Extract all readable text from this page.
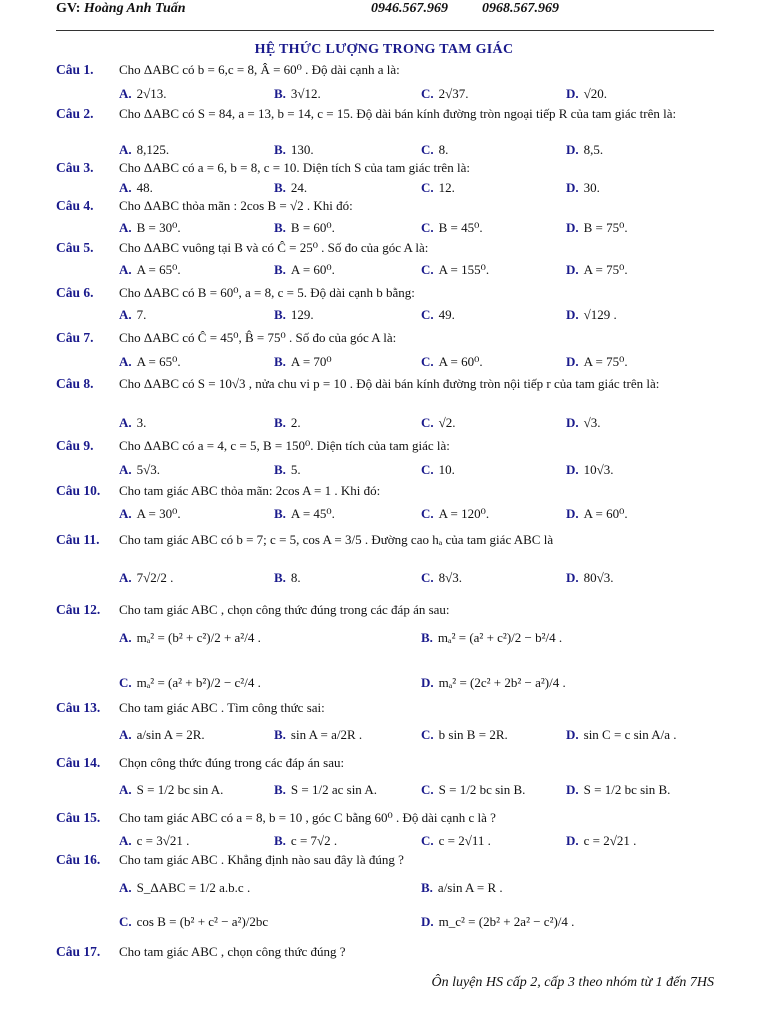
GV: Hoàng Anh Tuấn	0946.567.969 0968.567.969
HỆ THỨC LƯỢNG TRONG TAM GIÁC
Câu 1. Cho ΔABC có b = 6,c = 8, Â = 60⁰ . Độ dài cạnh a là:
A. 2√13.	B. 3√12.	C. 2√37.	D. √20.
Câu 2. Cho ΔABC có S = 84, a = 13, b = 14, c = 15. Độ dài bán kính đường tròn ngoại tiếp R của tam giác trên là:
A. 8,125.	B. 130.	C. 8.	D. 8,5.
Câu 3. Cho ΔABC có a = 6, b = 8, c = 10. Diện tích S của tam giác trên là:
A. 48.	B. 24.	C. 12.	D. 30.
Câu 4. Cho ΔABC thỏa mãn : 2cos B = √2 . Khi đó:
A. B = 30⁰.	B. B = 60⁰.	C. B = 45⁰.	D. B = 75⁰.
Câu 5. Cho ΔABC vuông tại B và có Ĉ = 25⁰ . Số đo của góc A là:
A. A = 65⁰.	B. A = 60⁰.	C. A = 155⁰.	D. A = 75⁰.
Câu 6. Cho ΔABC có B = 60⁰, a = 8, c = 5. Độ dài cạnh b bằng:
A. 7.	B. 129.	C. 49.	D. √129 .
Câu 7. Cho ΔABC có Ĉ = 45⁰, B̂ = 75⁰ . Số đo của góc A là:
A. A = 65⁰.	B. A = 70⁰	C. A = 60⁰.	D. A = 75⁰.
Câu 8. Cho ΔABC có S = 10√3 , nửa chu vi p = 10 . Độ dài bán kính đường tròn nội tiếp r của tam giác trên là:
A. 3.	B. 2.	C. √2.	D. √3.
Câu 9. Cho ΔABC có a = 4, c = 5, B = 150⁰. Diện tích của tam giác là:
A. 5√3.	B. 5.	C. 10.	D. 10√3.
Câu 10. Cho tam giác ABC thỏa mãn: 2cos A = 1 . Khi đó:
A. A = 30⁰.	B. A = 45⁰.	C. A = 120⁰.	D. A = 60⁰.
Câu 11. Cho tam giác ABC có b = 7; c = 5, cos A = 3/5 . Đường cao hₐ của tam giác ABC là
A. 7√2/2 .	B. 8.	C. 8√3.	D. 80√3.
Câu 12. Cho tam giác ABC , chọn công thức đúng trong các đáp án sau:
A. mₐ² = (b² + c²)/2 + a²/4 .	B. mₐ² = (a² + c²)/2 − b²/4 .
C. mₐ² = (a² + b²)/2 − c²/4 .	D. mₐ² = (2c² + 2b² − a²)/4 .
Câu 13. Cho tam giác ABC . Tìm công thức sai:
A. a/sin A = 2R.	B. sin A = a/2R .	C. b sin B = 2R.	D. sin C = c sin A/a .
Câu 14. Chọn công thức đúng trong các đáp án sau:
A. S = 1/2 bc sin A.	B. S = 1/2 ac sin A.	C. S = 1/2 bc sin B.	D. S = 1/2 bc sin B.
Câu 15. Cho tam giác ABC có a = 8, b = 10 , góc C bằng 60⁰ . Độ dài cạnh c là ?
A. c = 3√21 .	B. c = 7√2 .	C. c = 2√11 .	D. c = 2√21 .
Câu 16. Cho tam giác ABC . Khẳng định nào sau đây là đúng ?
A. S_ΔABC = 1/2 a.b.c .	B. a/sin A = R .
C. cos B = (b² + c² − a²)/2bc	D. m_c² = (2b² + 2a² − c²)/4 .
Câu 17. Cho tam giác ABC , chọn công thức đúng ?
Ôn luyện HS cấp 2, cấp 3 theo nhóm từ 1 đến 7HS
